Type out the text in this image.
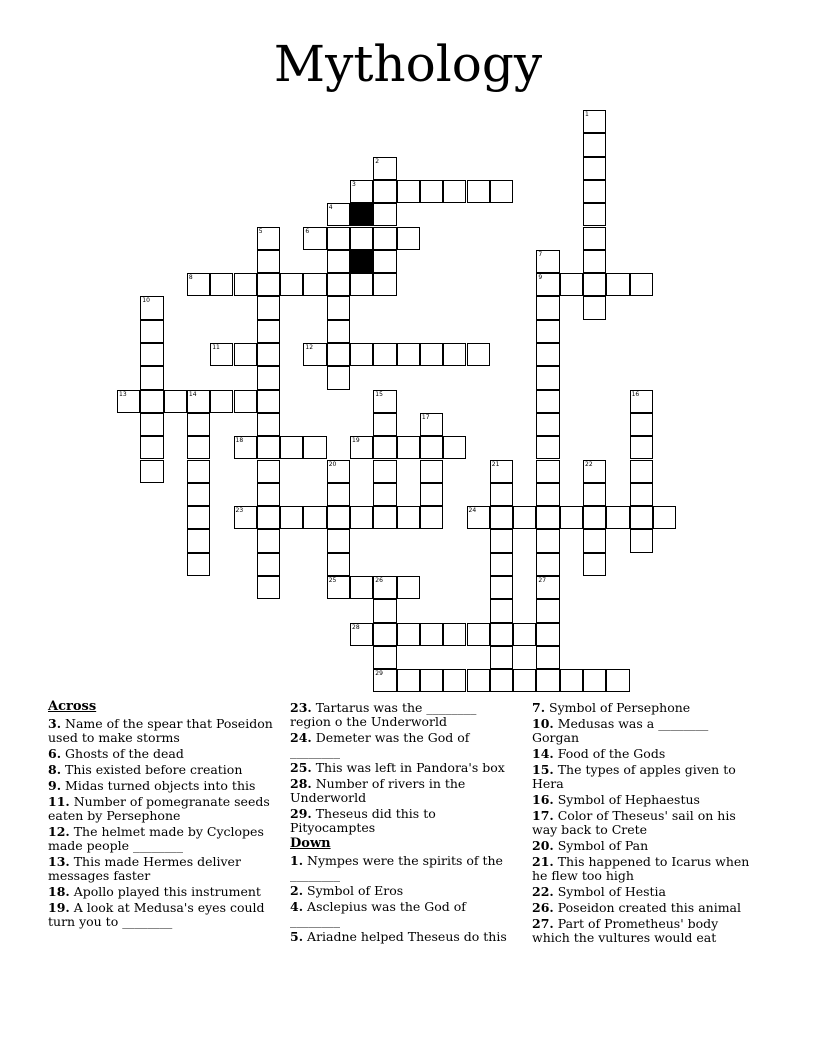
Mythology
3
6
8	9
11	12
13	14
18	19
23	24
25	26
28
29
1
2
4
5
7
27
10
15	16
17
20	21	22
Across
3. Name of the spear that Poseidon used to make storms
6. Ghosts of the dead
8. This existed before creation
9. Midas turned objects into this
11. Number of pomegranate seeds eaten by Persephone
12. The helmet made by Cyclopes made people ________
13. This made Hermes deliver messages faster
18. Apollo played this instrument
19. A look at Medusa's eyes could turn you to ________
23. Tartarus was the ________ region o the Underworld
24. Demeter was the God of ________
25. This was left in Pandora's box
28. Number of rivers in the Underworld
29. Theseus did this to Pityocamptes
Down
1. Nympes were the spirits of the ________
2. Symbol of Eros
4. Asclepius was the God of ________
5. Ariadne helped Theseus do this
7. Symbol of Persephone
10. Medusas was a ________ Gorgan
14. Food of the Gods
15. The types of apples given to Hera
16. Symbol of Hephaestus
17. Color of Theseus' sail on his way back to Crete
20. Symbol of Pan
21. This happened to Icarus when he flew too high
22. Symbol of Hestia
26. Poseidon created this animal
27. Part of Prometheus' body which the vultures would eat
